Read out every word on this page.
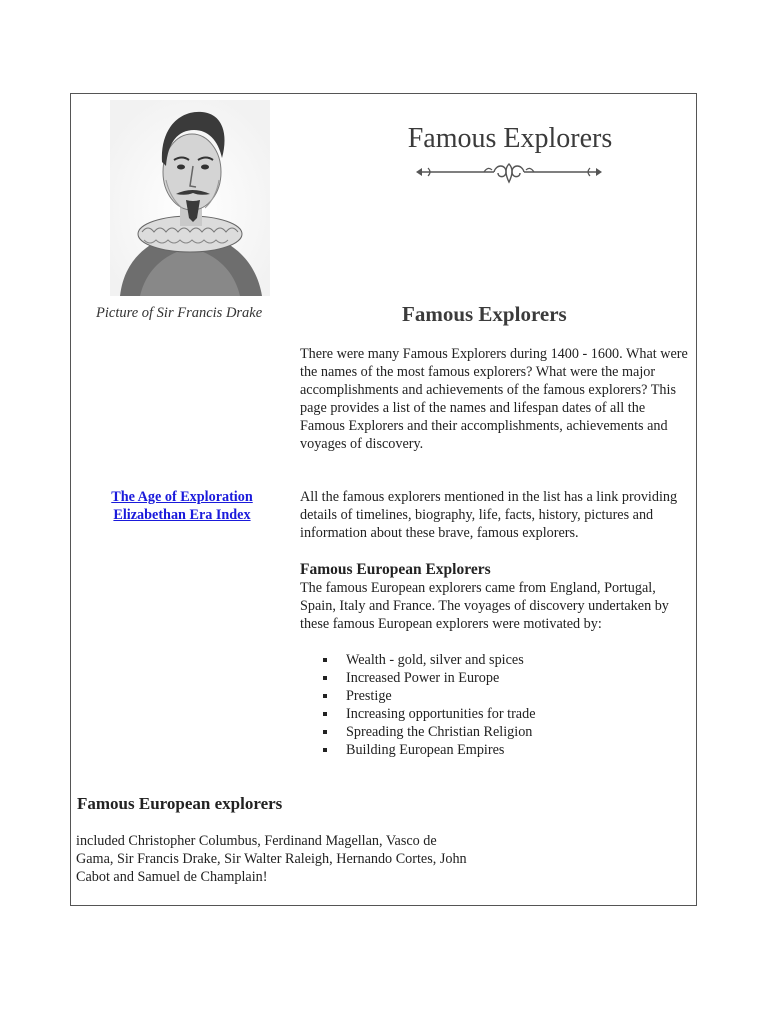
Picture of Sir Francis Drake
Famous Explorers
Famous Explorers

There were many Famous Explorers during 1400 - 1600. What were the names of the most famous explorers? What were the major accomplishments and achievements of the famous explorers? This page provides a list of the names and lifespan dates of all the Famous Explorers and their accomplishments, achievements and voyages of discovery.

The Age of Exploration
Elizabethan Era Index

All the famous explorers mentioned in the list has a link providing details of timelines, biography, life, facts, history, pictures and information about these brave, famous explorers.

Famous European Explorers

The famous European explorers came from England, Portugal, Spain, Italy and France. The voyages of discovery undertaken by these famous European explorers were motivated by:

Wealth - gold, silver and spices
Increased Power in Europe
Prestige
Increasing opportunities for trade
Spreading the Christian Religion
Building European Empires
Famous European explorers

included Christopher Columbus, Ferdinand Magellan, Vasco de Gama, Sir Francis Drake, Sir Walter Raleigh, Hernando Cortes, John Cabot and Samuel de Champlain!
